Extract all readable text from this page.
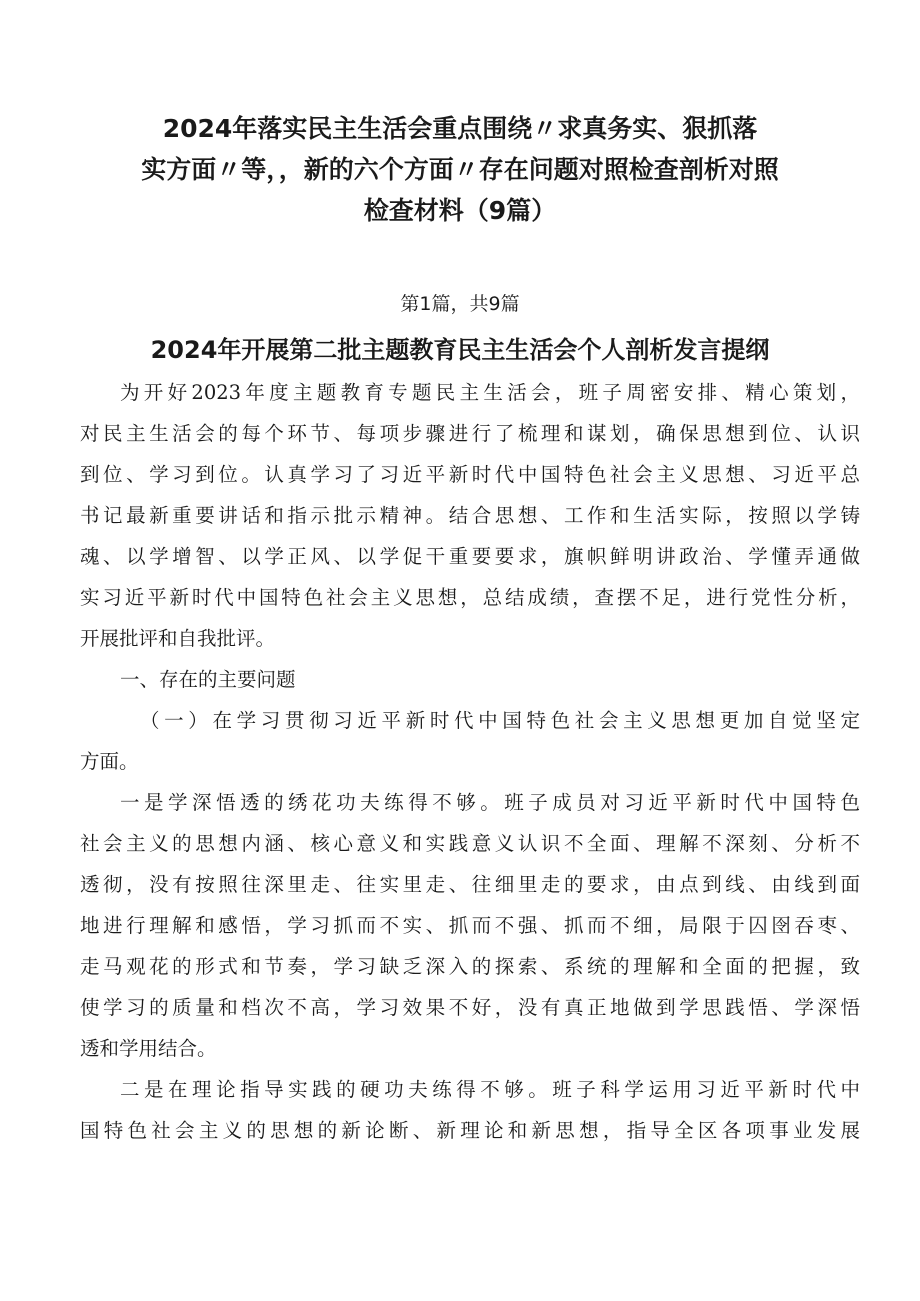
2024年落实民主生活会重点围绕〃求真务实、狠抓落
实方面〃等，，新的六个方面〃存在问题对照检查剖析对照
检查材料（9篇）

第1篇，共9篇

2024年开展第二批主题教育民主生活会个人剖析发言提纲

为开好2023年度主题教育专题民主生活会，班子周密安排、精心策划，
对民主生活会的每个环节、每项步骤进行了梳理和谋划，确保思想到位、认识
到位、学习到位。认真学习了习近平新时代中国特色社会主义思想、习近平总
书记最新重要讲话和指示批示精神。结合思想、工作和生活实际，按照以学铸
魂、以学增智、以学正风、以学促干重要要求，旗帜鲜明讲政治、学懂弄通做
实习近平新时代中国特色社会主义思想，总结成绩，查摆不足，进行党性分析，
开展批评和自我批评。

一、存在的主要问题

（一）在学习贯彻习近平新时代中国特色社会主义思想更加自觉坚定
方面。

一是学深悟透的绣花功夫练得不够。班子成员对习近平新时代中国特色
社会主义的思想内涵、核心意义和实践意义认识不全面、理解不深刻、分析不
透彻，没有按照往深里走、往实里走、往细里走的要求，由点到线、由线到面
地进行理解和感悟，学习抓而不实、抓而不强、抓而不细，局限于囚囹吞枣、
走马观花的形式和节奏，学习缺乏深入的探索、系统的理解和全面的把握，致
使学习的质量和档次不高，学习效果不好，没有真正地做到学思践悟、学深悟
透和学用结合。

二是在理论指导实践的硬功夫练得不够。班子科学运用习近平新时代中
国特色社会主义的思想的新论断、新理论和新思想，指导全区各项事业发展
